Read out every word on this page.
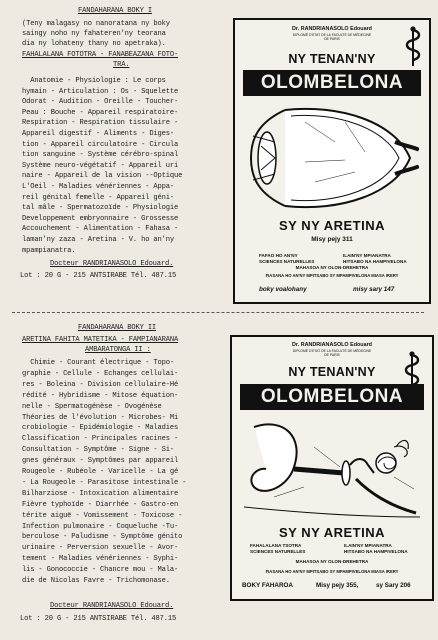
FANDAHARANA BOKY I
(Teny malagasy no nanoratana ny boky
saingy noho ny fahateren'ny teorana
dia ny lohateny thany no apetraka).
FAHALALANA FOTOTRA - FANABEAZANA FOTO-
TRA.
Anatomie - Physiologie : Le corps
hymain - Articulation : Os - Squelette
Odorat - Audition - Oreille - Toucher-
Peau : Bouche - Appareil respiratoire-
Respiration - Respiration tissulaire -
Appareil digestif - Aliments - Diges-
tion - Appareil circulatoire - Circula
tion sanguine - Système cérébro-spinal
Système neuro-végétatif - Appareil uri
naire - Appareil de la vision --Optique
L'Oeil - Maladies vénériennes - Appa-
reil génital femelle - Appareil géni-
tal mâle - Spermatozoïde - Physiologie
Developpement embryonnaire - Grossesse
Accouchement - Alimentation - Fahasa -
laman'ny zaza - Aretina - V. ho an'ny
mpampianatra.
Docteur RANDRIANASOLO Edouard.
Lot : 20 G - 215 ANTSIRABE Tél. 487.15
FANDAHARANA BOKY II
ARETINA FAHITA MATETIKA - FAMPIANARANA
AMBARATONGA II :
Chimie - Courant électrique - Topo-
graphie - Cellule - Echanges cellulai-
res - Boleina - Division cellulaire-Hé
rédité - Hybridisme - Mitose équation-
nelle - Spermatogénèse - Ovogénèse
Théories de l'évolution - Microbes- Mi
crobiologie - Epidémiologie - Maladies
Classification - Principales racines -
Consultation - Symptôme - Signe - Si-
gnes généraux - Symptômes par appareil
Rougeole - Rubéole - Varicelle - La gé
- La Rougeole - Parasitose intestinale -
Bilharziose - Intoxication alimentaire
Fièvre typhoïde - Diarrhée - Gastro-en
térite aiguë - Vomissement - Toxicose -
Infection pulmonaire - Coqueluche -Tu-
berculose - Paludisme - Symptôme génito
urinaire - Perversion sexuelle - Avor-
tement - Maladies vénériennes - Syphi-
lis - Gonococcie - Chancre mou - Mala-
die de Nicolas Favre - Trichomonase.
Docteur RANDRIANASOLO Edouard.
Lot : 20 G - 215 ANTSIRABE Tél. 487.15
Dr. RANDRIANASOLO Edouard
DIPLOMÉ D'ETAT DE LA FACULTÉ DE MÉDECINE
DE PARIS
NY TENAN'NY
OLOMBELONA
SY NY ARETINA
Misy pejy 311
FAFAO HO AN'NY	ILAIN'NY MPIANATRA
SCIENCES NATURELLES	HITSABO NA HAMPIVELONA
MAHASOA NY OLON-DREHETRA
FIASANA HO AN'NY MPITSABO SY MPAMPIVELONA MIASA IRERY
boky voalohany	misy sary 147
Dr. RANDRIANASOLO Edouard
DIPLOMÉ D'ETAT DE LA FACULTÉ DE MÉDECINE
DE PARIS
NY TENAN'NY
OLOMBELONA
SY NY ARETINA
FAHALALANA TSOTRA	ILAIN'NY MPIANATRA
SCIENCES NATURELLES	HITSABO NA HAMPIVELONA
MAHASOA NY OLON-DREHETRA
FIASANA HO AN'NY MPITSABO SY MPAMPIVELONA MIASA IRERY
BOKY FAHAROA	Misy pejy 355,	sy Sary 206
